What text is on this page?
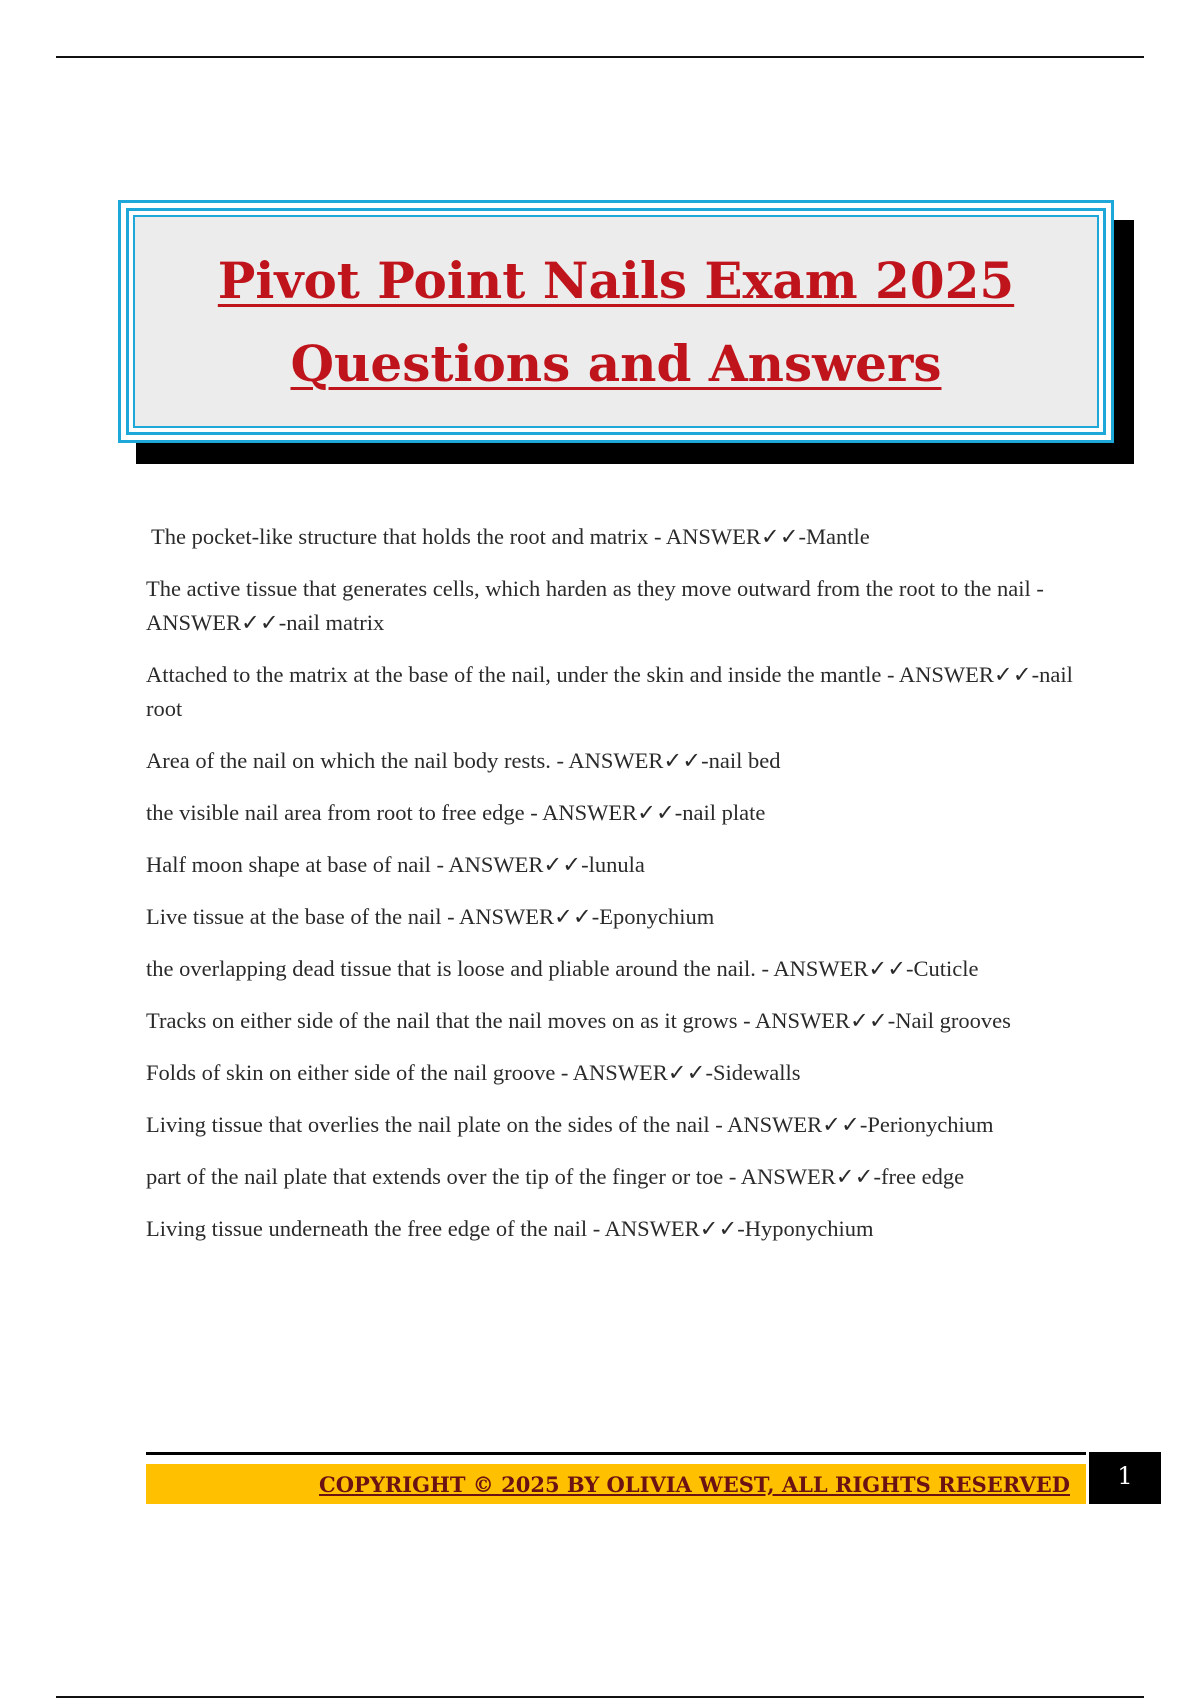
Pivot Point Nails Exam 2025
Questions and Answers
The pocket-like structure that holds the root and matrix - ANSWER✓✓-Mantle
The active tissue that generates cells, which harden as they move outward from the root to the nail - ANSWER✓✓-nail matrix
Attached to the matrix at the base of the nail, under the skin and inside the mantle - ANSWER✓✓-nail root
Area of the nail on which the nail body rests. - ANSWER✓✓-nail bed
the visible nail area from root to free edge - ANSWER✓✓-nail plate
Half moon shape at base of nail - ANSWER✓✓-lunula
Live tissue at the base of the nail - ANSWER✓✓-Eponychium
the overlapping dead tissue that is loose and pliable around the nail. - ANSWER✓✓-Cuticle
Tracks on either side of the nail that the nail moves on as it grows - ANSWER✓✓-Nail grooves
Folds of skin on either side of the nail groove - ANSWER✓✓-Sidewalls
Living tissue that overlies the nail plate on the sides of the nail - ANSWER✓✓-Perionychium
part of the nail plate that extends over the tip of the finger or toe - ANSWER✓✓-free edge
Living tissue underneath the free edge of the nail - ANSWER✓✓-Hyponychium
COPYRIGHT © 2025 BY OLIVIA WEST, ALL RIGHTS RESERVED	1
